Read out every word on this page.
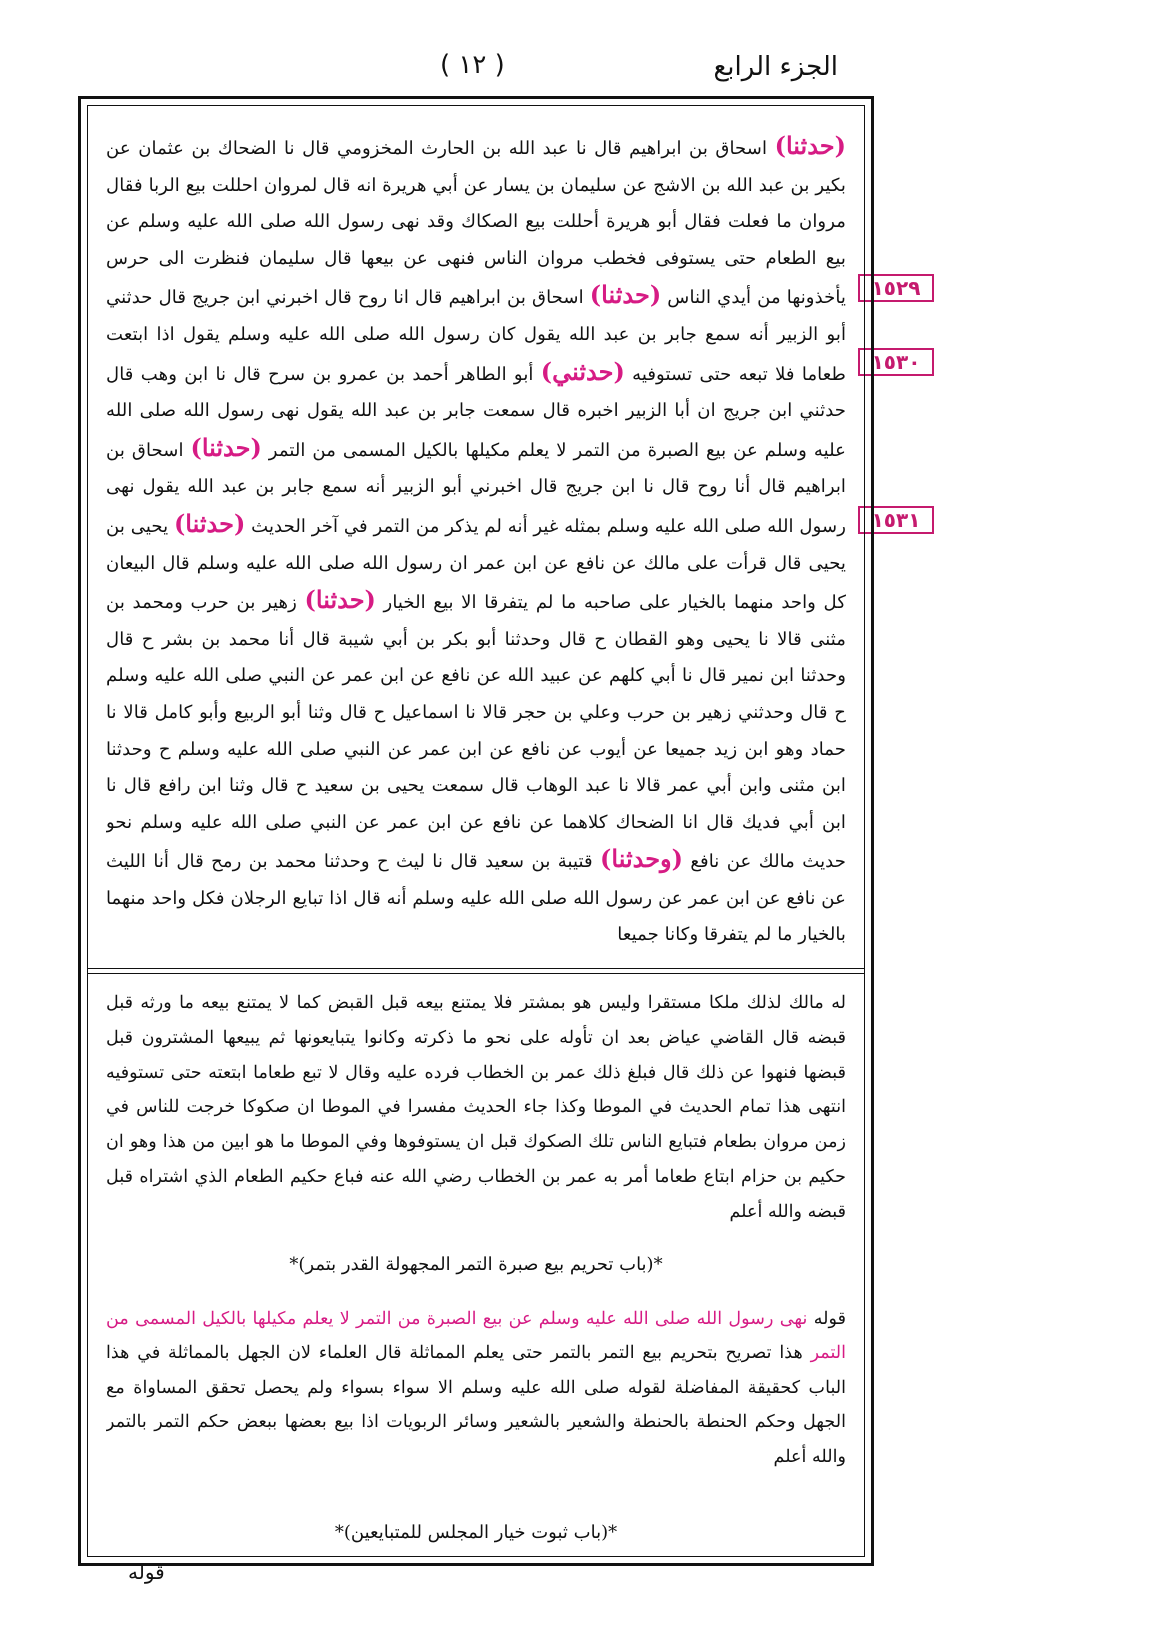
الجزء الرابع
( ١٢ )
١٥٢٩
١٥٣٠
١٥٣١
(حدثنا) اسحاق بن ابراهيم قال نا عبد الله بن الحارث المخزومي قال نا الضحاك بن عثمان عن بكير بن عبد الله بن الاشج عن سليمان بن يسار عن أبي هريرة انه قال لمروان احللت بيع الربا فقال مروان ما فعلت فقال أبو هريرة أحللت بيع الصكاك وقد نهى رسول الله صلى الله عليه وسلم عن بيع الطعام حتى يستوفى فخطب مروان الناس فنهى عن بيعها قال سليمان فنظرت الى حرس يأخذونها من أيدي الناس (حدثنا) اسحاق بن ابراهيم قال انا روح قال اخبرني ابن جريج قال حدثني أبو الزبير أنه سمع جابر بن عبد الله يقول كان رسول الله صلى الله عليه وسلم يقول اذا ابتعت طعاما فلا تبعه حتى تستوفيه (حدثني) أبو الطاهر أحمد بن عمرو بن سرح قال نا ابن وهب قال حدثني ابن جريج ان أبا الزبير اخبره قال سمعت جابر بن عبد الله يقول نهى رسول الله صلى الله عليه وسلم عن بيع الصبرة من التمر لا يعلم مكيلها بالكيل المسمى من التمر (حدثنا) اسحاق بن ابراهيم قال أنا روح قال نا ابن جريج قال اخبرني أبو الزبير أنه سمع جابر بن عبد الله يقول نهى رسول الله صلى الله عليه وسلم بمثله غير أنه لم يذكر من التمر في آخر الحديث (حدثنا) يحيى بن يحيى قال قرأت على مالك عن نافع عن ابن عمر ان رسول الله صلى الله عليه وسلم قال البيعان كل واحد منهما بالخيار على صاحبه ما لم يتفرقا الا بيع الخيار (حدثنا) زهير بن حرب ومحمد بن مثنى قالا نا يحيى وهو القطان ح قال وحدثنا أبو بكر بن أبي شيبة قال أنا محمد بن بشر ح قال وحدثنا ابن نمير قال نا أبي كلهم عن عبيد الله عن نافع عن ابن عمر عن النبي صلى الله عليه وسلم ح قال وحدثني زهير بن حرب وعلي بن حجر قالا نا اسماعيل ح قال وثنا أبو الربيع وأبو كامل قالا نا حماد وهو ابن زيد جميعا عن أيوب عن نافع عن ابن عمر عن النبي صلى الله عليه وسلم ح وحدثنا ابن مثنى وابن أبي عمر قالا نا عبد الوهاب قال سمعت يحيى بن سعيد ح قال وثنا ابن رافع قال نا ابن أبي فديك قال انا الضحاك كلاهما عن نافع عن ابن عمر عن النبي صلى الله عليه وسلم نحو حديث مالك عن نافع (وحدثنا) قتيبة بن سعيد قال نا ليث ح وحدثنا محمد بن رمح قال أنا الليث عن نافع عن ابن عمر عن رسول الله صلى الله عليه وسلم أنه قال اذا تبايع الرجلان فكل واحد منهما بالخيار ما لم يتفرقا وكانا جميعا
له مالك لذلك ملكا مستقرا وليس هو بمشتر فلا يمتنع بيعه قبل القبض كما لا يمتنع بيعه ما ورثه قبل قبضه قال القاضي عياض بعد ان تأوله على نحو ما ذكرته وكانوا يتبايعونها ثم يبيعها المشترون قبل قبضها فنهوا عن ذلك قال فبلغ ذلك عمر بن الخطاب فرده عليه وقال لا تبع طعاما ابتعته حتى تستوفيه انتهى هذا تمام الحديث في الموطا وكذا جاء الحديث مفسرا في الموطا ان صكوكا خرجت للناس في زمن مروان بطعام فتبايع الناس تلك الصكوك قبل ان يستوفوها وفي الموطا ما هو ابين من هذا وهو ان حكيم بن حزام ابتاع طعاما أمر به عمر بن الخطاب رضي الله عنه فباع حكيم الطعام الذي اشتراه قبل قبضه والله أعلم
*(باب تحريم بيع صبرة التمر المجهولة القدر بتمر)*
قوله نهى رسول الله صلى الله عليه وسلم عن بيع الصبرة من التمر لا يعلم مكيلها بالكيل المسمى من التمر هذا تصريح بتحريم بيع التمر بالتمر حتى يعلم المماثلة قال العلماء لان الجهل بالمماثلة في هذا الباب كحقيقة المفاضلة لقوله صلى الله عليه وسلم الا سواء بسواء ولم يحصل تحقق المساواة مع الجهل وحكم الحنطة بالحنطة والشعير بالشعير وسائر الربويات اذا بيع بعضها ببعض حكم التمر بالتمر والله أعلم
*(باب ثبوت خيار المجلس للمتبايعين)*
قوله
